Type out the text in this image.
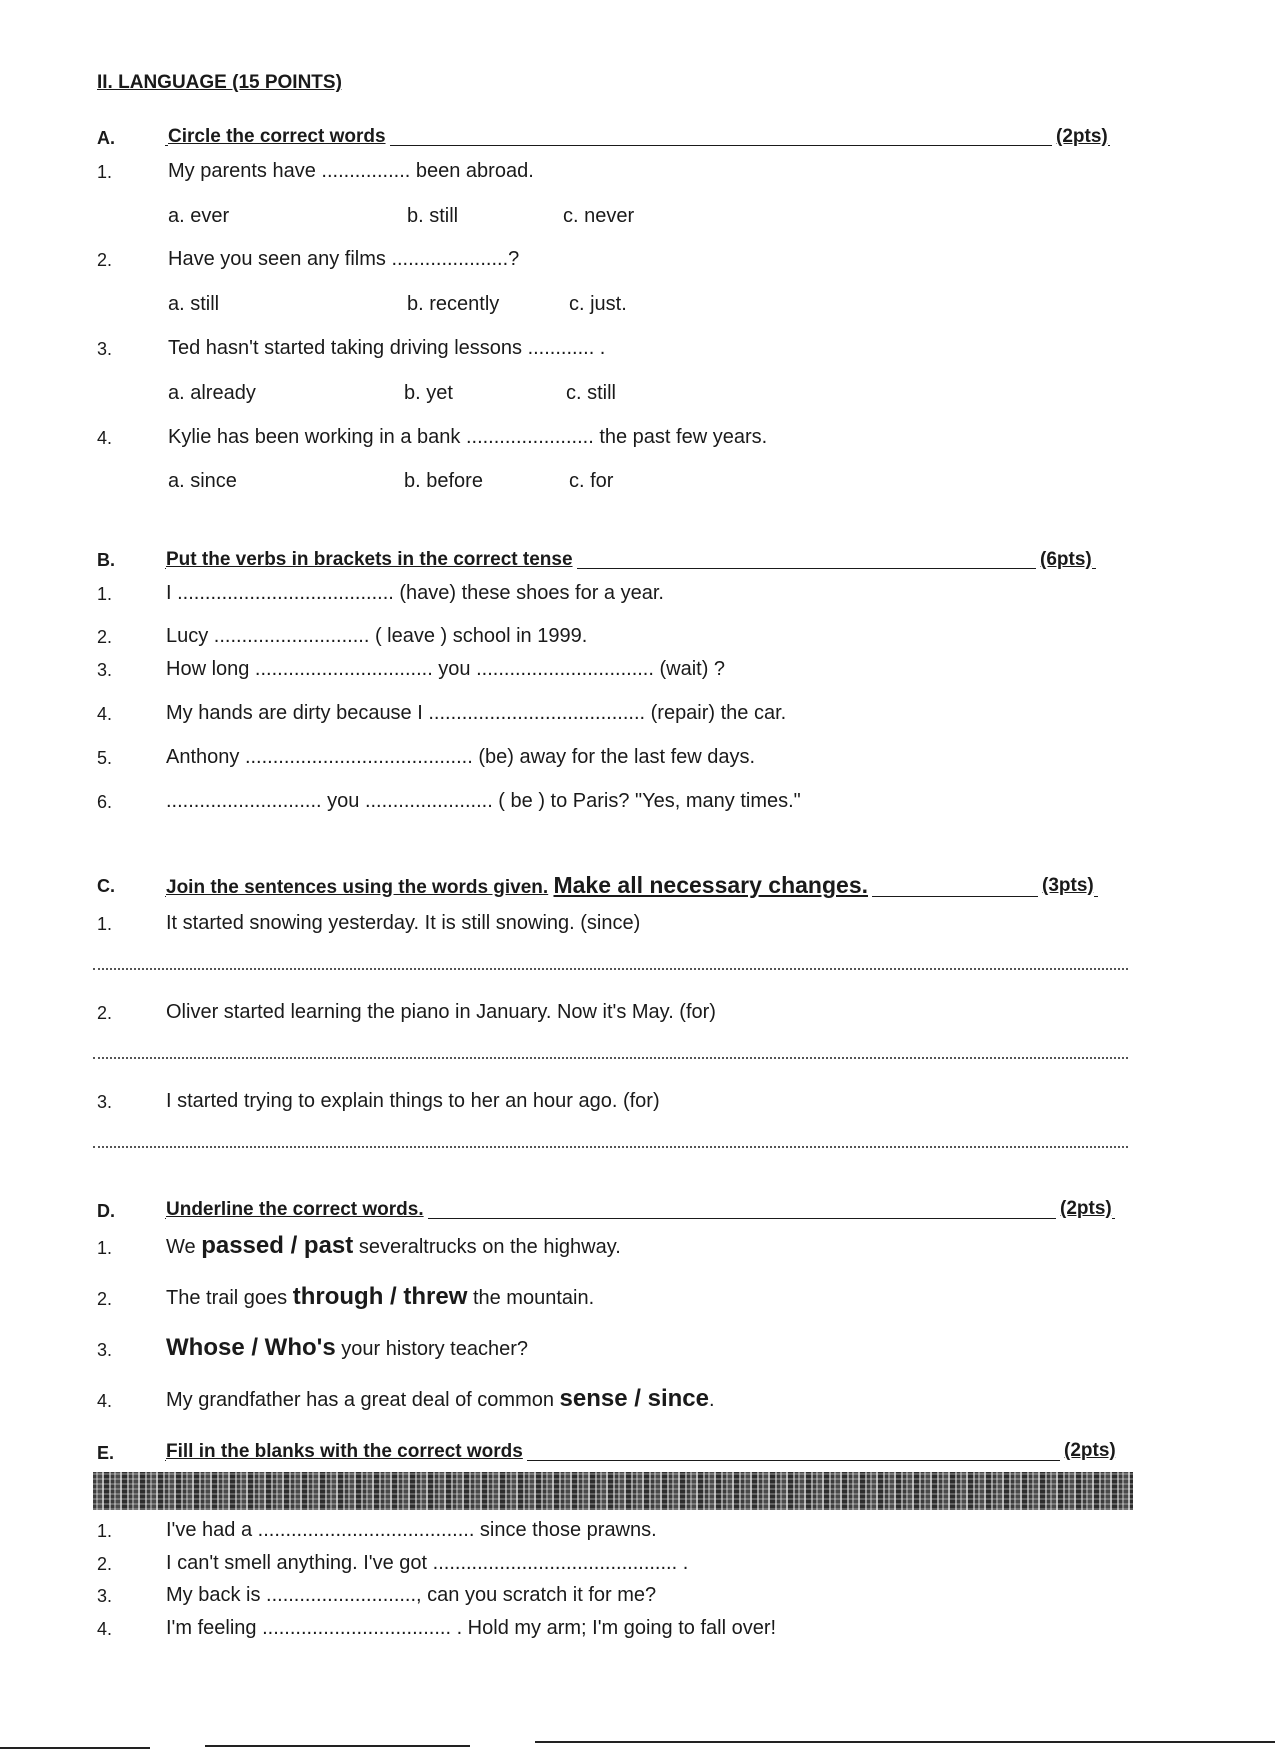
II. LANGUAGE (15 POINTS)
A.	Circle the correct words	(2pts)
1.	My parents have ................ been abroad.
a. ever	b. still	c. never
2.	Have you seen any films .....................?
a. still	b. recently	c. just.
3.	Ted hasn't started taking driving lessons ............ .
a. already	b. yet	c. still
4.	Kylie has been working in a bank ....................... the past few years.
a. since	b. before	c. for
B.	Put the verbs in brackets in the correct tense	(6pts)
1.	I ....................................... (have) these shoes for a year.
2.	Lucy ............................ ( leave ) school in 1999.
3.	How long ................................ you ................................ (wait) ?
4.	My hands are dirty because I ....................................... (repair) the car.
5.	Anthony ......................................... (be) away for the last few days.
6.	............................ you ....................... ( be ) to Paris? "Yes, many times."
C.	Join the sentences using the words given. Make all necessary changes.	(3pts)
1.	It started snowing yesterday. It is still snowing. (since)
2.	Oliver started learning the piano in January. Now it's May. (for)
3.	I started trying to explain things to her an hour ago. (for)
D.	Underline the correct words.	(2pts)
1.	We passed / past severaltrucks on the highway.
2.	The trail goes through / threw the mountain.
3. Whose / Who's your history teacher?
4.	My grandfather has a great deal of common sense / since.
E.	Fill in the blanks with the correct words	(2pts)
1.	I've had a ....................................... since those prawns.
2.	I can't smell anything. I've got ............................................ .
3.	My back is ..........................., can you scratch it for me?
4.	I'm feeling .................................. . Hold my arm; I'm going to fall over!
